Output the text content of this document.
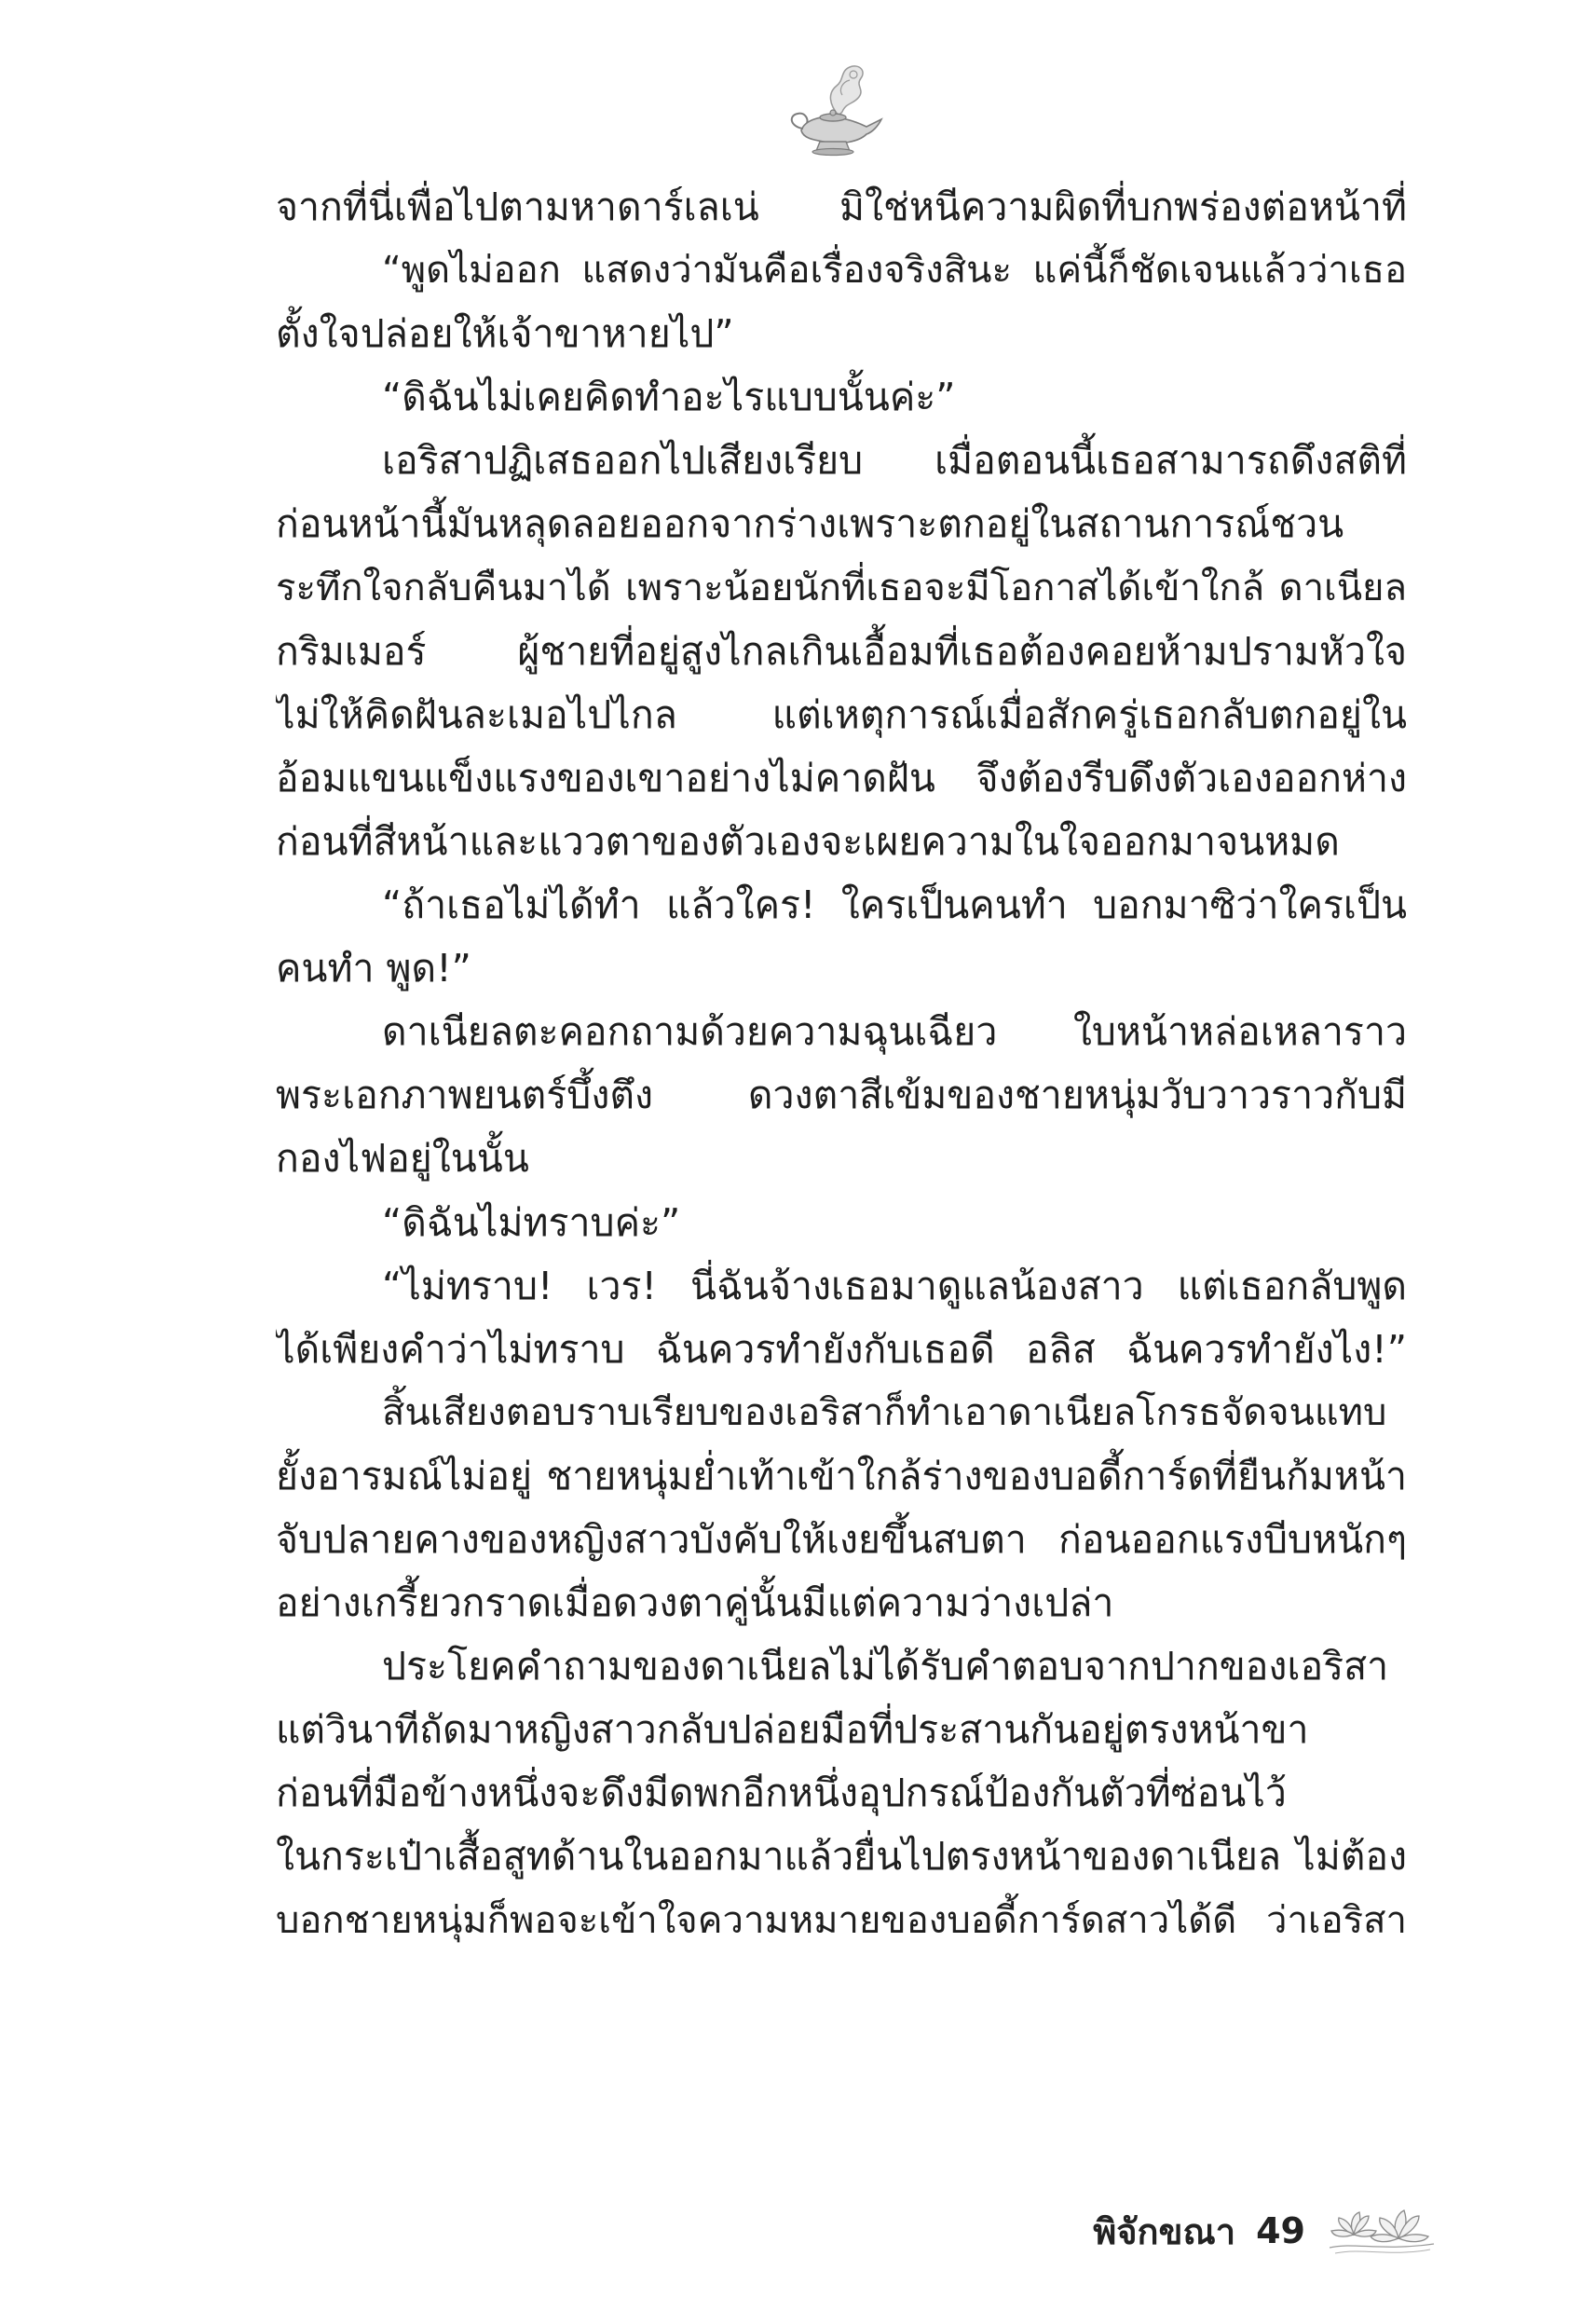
จากที่นี่เพื่อไปตามหาดาร์เลเน่ มิใช่หนีความผิดที่บกพร่องต่อหน้าที่
“พูดไม่ออก แสดงว่ามันคือเรื่องจริงสินะ แค่นี้ก็ชัดเจนแล้วว่าเธอ
ตั้งใจปล่อยให้เจ้าขาหายไป”
“ดิฉันไม่เคยคิดทำอะไรแบบนั้นค่ะ”
เอริสาปฏิเสธออกไปเสียงเรียบ เมื่อตอนนี้เธอสามารถดึงสติที่
ก่อนหน้านี้มันหลุดลอยออกจากร่างเพราะตกอยู่ในสถานการณ์ชวน
ระทึกใจกลับคืนมาได้ เพราะน้อยนักที่เธอจะมีโอกาสได้เข้าใกล้ ดาเนียล
กริมเมอร์ ผู้ชายที่อยู่สูงไกลเกินเอื้อมที่เธอต้องคอยห้ามปรามหัวใจ
ไม่ให้คิดฝันละเมอไปไกล แต่เหตุการณ์เมื่อสักครู่เธอกลับตกอยู่ใน
อ้อมแขนแข็งแรงของเขาอย่างไม่คาดฝัน จึงต้องรีบดึงตัวเองออกห่าง
ก่อนที่สีหน้าและแววตาของตัวเองจะเผยความในใจออกมาจนหมด
“ถ้าเธอไม่ได้ทำ แล้วใคร! ใครเป็นคนทำ บอกมาซิว่าใครเป็น
คนทำ พูด!”
ดาเนียลตะคอกถามด้วยความฉุนเฉียว ใบหน้าหล่อเหลาราว
พระเอกภาพยนตร์บึ้งตึง ดวงตาสีเข้มของชายหนุ่มวับวาวราวกับมี
กองไฟอยู่ในนั้น
“ดิฉันไม่ทราบค่ะ”
“ไม่ทราบ! เวร! นี่ฉันจ้างเธอมาดูแลน้องสาว แต่เธอกลับพูด
ได้เพียงคำว่าไม่ทราบ ฉันควรทำยังกับเธอดี อลิส ฉันควรทำยังไง!”
สิ้นเสียงตอบราบเรียบของเอริสาก็ทำเอาดาเนียลโกรธจัดจนแทบ
ยั้งอารมณ์ไม่อยู่ ชายหนุ่มย่ำเท้าเข้าใกล้ร่างของบอดี้การ์ดที่ยืนก้มหน้า
จับปลายคางของหญิงสาวบังคับให้เงยขึ้นสบตา ก่อนออกแรงบีบหนักๆ
อย่างเกรี้ยวกราดเมื่อดวงตาคู่นั้นมีแต่ความว่างเปล่า
ประโยคคำถามของดาเนียลไม่ได้รับคำตอบจากปากของเอริสา
แต่วินาทีถัดมาหญิงสาวกลับปล่อยมือที่ประสานกันอยู่ตรงหน้าขา
ก่อนที่มือข้างหนึ่งจะดึงมีดพกอีกหนึ่งอุปกรณ์ป้องกันตัวที่ซ่อนไว้
ในกระเป๋าเสื้อสูทด้านในออกมาแล้วยื่นไปตรงหน้าของดาเนียล ไม่ต้อง
บอกชายหนุ่มก็พอจะเข้าใจความหมายของบอดี้การ์ดสาวได้ดี ว่าเอริสา
พิจักขณา 49
